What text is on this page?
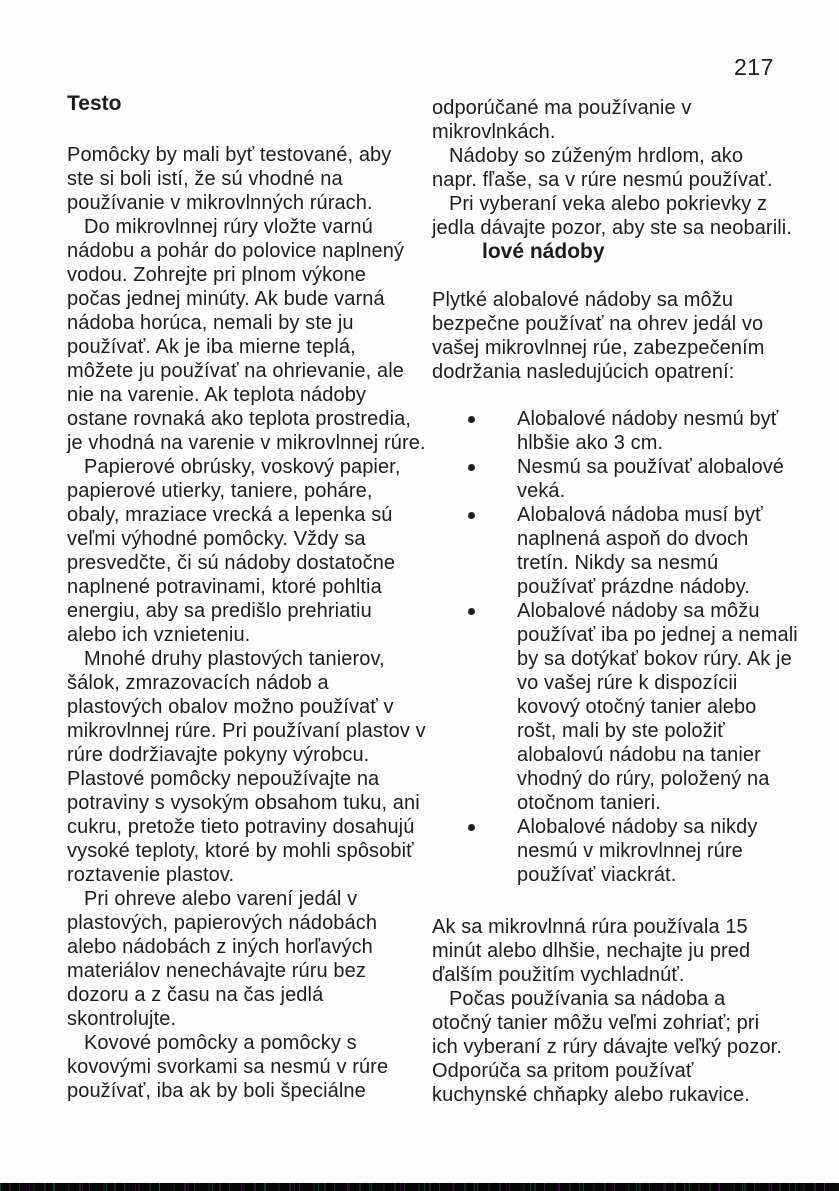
217
Testo
Pomôcky by mali byť testované, aby
ste si boli istí, že sú vhodné na
používanie v mikrovlnných rúrach.
Do mikrovlnnej rúry vložte varnú
nádobu a pohár do polovice naplnený
vodou. Zohrejte pri plnom výkone
počas jednej minúty. Ak bude varná
nádoba horúca, nemali by ste ju
používať. Ak je iba mierne teplá,
môžete ju používať na ohrievanie, ale
nie na varenie. Ak teplota nádoby
ostane rovnaká ako teplota prostredia,
je vhodná na varenie v mikrovlnnej rúre.
Papierové obrúsky, voskový papier,
papierové utierky, taniere, poháre,
obaly, mraziace vrecká a lepenka sú
veľmi výhodné pomôcky. Vždy sa
presvedčte, či sú nádoby dostatočne
naplnené potravinami, ktoré pohltia
energiu, aby sa predišlo prehriatiu
alebo ich vznieteniu.
Mnohé druhy plastových tanierov,
šálok, zmrazovacích nádob a
plastových obalov možno používať v
mikrovlnnej rúre. Pri používaní plastov v
rúre dodržiavajte pokyny výrobcu.
Plastové pomôcky nepoužívajte na
potraviny s vysokým obsahom tuku, ani
cukru, pretože tieto potraviny dosahujú
vysoké teploty, ktoré by mohli spôsobiť
roztavenie plastov.
Pri ohreve alebo varení jedál v
plastových, papierových nádobách
alebo nádobách z iných horľavých
materiálov nenechávajte rúru bez
dozoru a z času na čas jedlá
skontrolujte.
Kovové pomôcky a pomôcky s
kovovými svorkami sa nesmú v rúre
používať, iba ak by boli špeciálne
odporúčané ma používanie v
mikrovlnkách.
Nádoby so zúženým hrdlom, ako
napr. fľaše, sa v rúre nesmú používať.
Pri vyberaní veka alebo pokrievky z
jedla dávajte pozor, aby ste sa neobarili.
lové nádoby
Plytké alobalové nádoby sa môžu
bezpečne používať na ohrev jedál vo
vašej mikrovlnnej rúe, zabezpečením
dodržania nasledujúcich opatrení:
Alobalové nádoby nesmú byť
hlbšie ako 3 cm.
Nesmú sa používať alobalové
veká.
Alobalová nádoba musí byť
naplnená aspoň do dvoch
tretín. Nikdy sa nesmú
používať prázdne nádoby.
Alobalové nádoby sa môžu
používať iba po jednej a nemali
by sa dotýkať bokov rúry. Ak je
vo vašej rúre k dispozícii
kovový otočný tanier alebo
rošt, mali by ste položiť
alobalovú nádobu na tanier
vhodný do rúry, položený na
otočnom tanieri.
Alobalové nádoby sa nikdy
nesmú v mikrovlnnej rúre
používať viackrát.
Ak sa mikrovlnná rúra používala 15
minút alebo dlhšie, nechajte ju pred
ďalším použitím vychladnúť.
Počas používania sa nádoba a
otočný tanier môžu veľmi zohriať; pri
ich vyberaní z rúry dávajte veľký pozor.
Odporúča sa pritom používať
kuchynské chňapky alebo rukavice.
